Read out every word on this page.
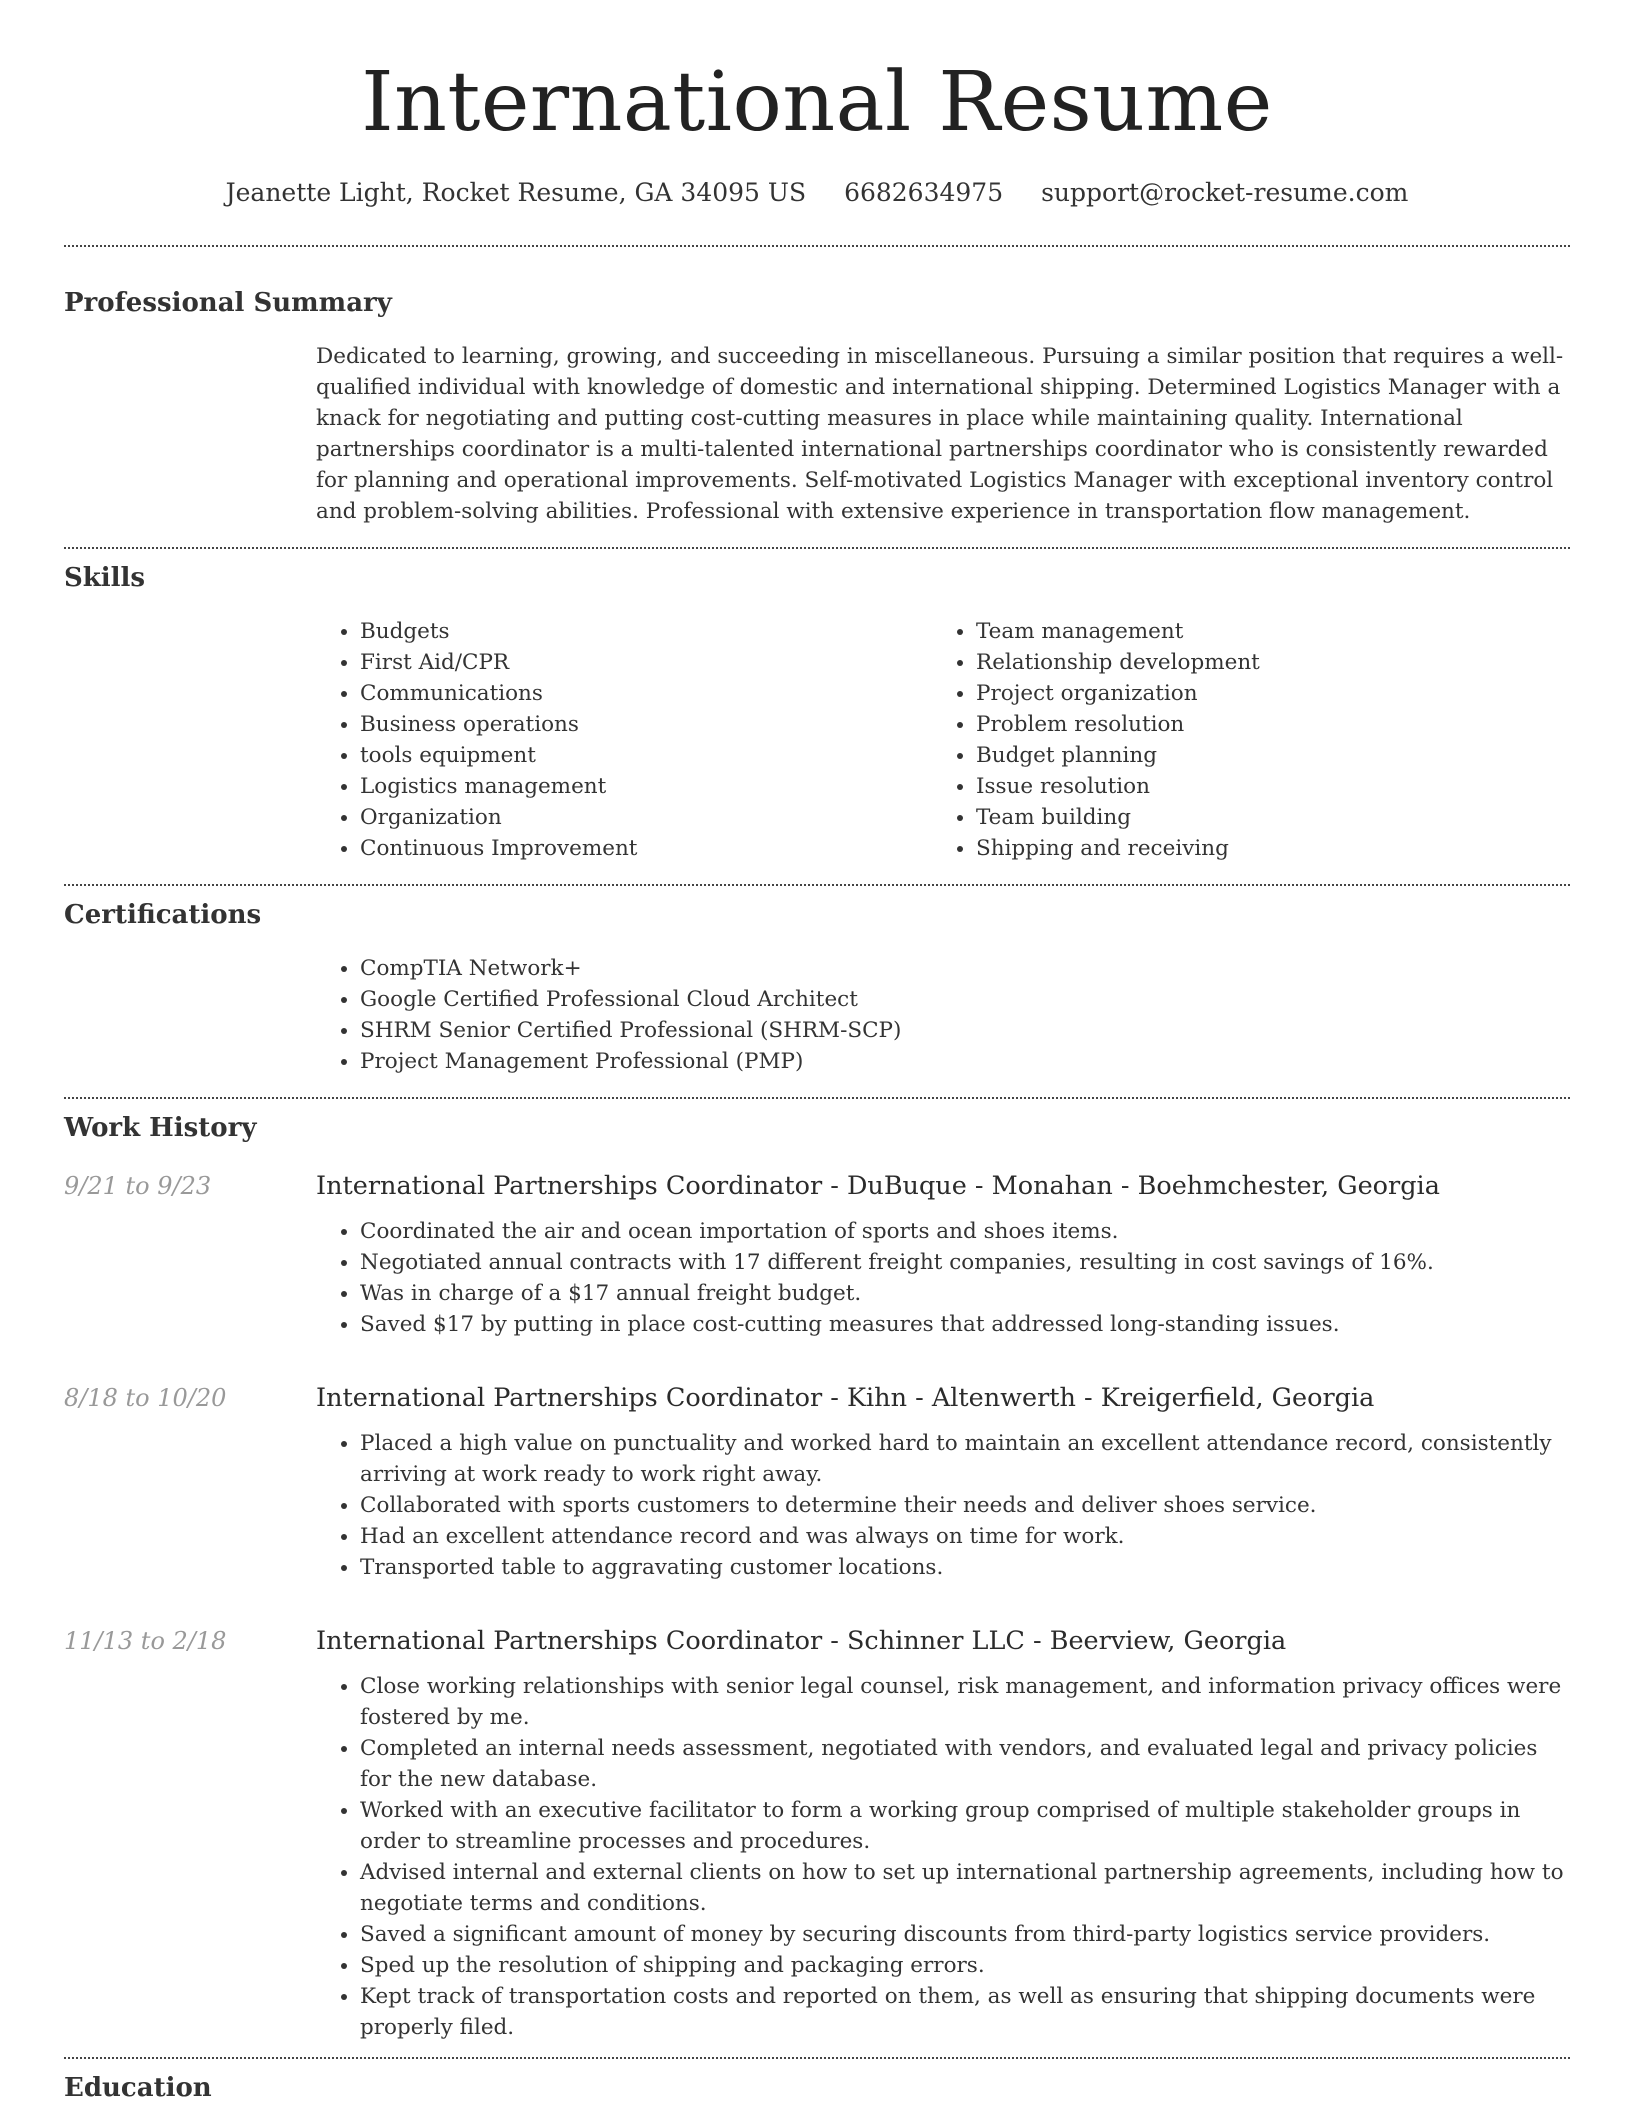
International Resume
Jeanette Light, Rocket Resume, GA 34095 US 6682634975 support@rocket-resume.com
Professional Summary

Dedicated to learning, growing, and succeeding in miscellaneous. Pursuing a similar position that requires a well-qualified individual with knowledge of domestic and international shipping. Determined Logistics Manager with a knack for negotiating and putting cost-cutting measures in place while maintaining quality. International partnerships coordinator is a multi-talented international partnerships coordinator who is consistently rewarded for planning and operational improvements. Self-motivated Logistics Manager with exceptional inventory control and problem-solving abilities. Professional with extensive experience in transportation flow management.

Skills
• Budgets
• First Aid/CPR
• Communications
• Business operations
• tools equipment
• Logistics management
• Organization
• Continuous Improvement
• Team management
• Relationship development
• Project organization
• Problem resolution
• Budget planning
• Issue resolution
• Team building
• Shipping and receiving
Certifications
• CompTIA Network+
• Google Certified Professional Cloud Architect
• SHRM Senior Certified Professional (SHRM-SCP)
• Project Management Professional (PMP)
Work History
9/21 to 9/23	International Partnerships Coordinator - DuBuque - Monahan - Boehmchester, Georgia
• Coordinated the air and ocean importation of sports and shoes items.
• Negotiated annual contracts with 17 different freight companies, resulting in cost savings of 16%.
• Was in charge of a $17 annual freight budget.
• Saved $17 by putting in place cost-cutting measures that addressed long-standing issues.
8/18 to 10/20	International Partnerships Coordinator - Kihn - Altenwerth - Kreigerfield, Georgia
• Placed a high value on punctuality and worked hard to maintain an excellent attendance record, consistently arriving at work ready to work right away.
• Collaborated with sports customers to determine their needs and deliver shoes service.
• Had an excellent attendance record and was always on time for work.
• Transported table to aggravating customer locations.
11/13 to 2/18	International Partnerships Coordinator - Schinner LLC - Beerview, Georgia
• Close working relationships with senior legal counsel, risk management, and information privacy offices were fostered by me.
• Completed an internal needs assessment, negotiated with vendors, and evaluated legal and privacy policies for the new database.
• Worked with an executive facilitator to form a working group comprised of multiple stakeholder groups in order to streamline processes and procedures.
• Advised internal and external clients on how to set up international partnership agreements, including how to negotiate terms and conditions.
• Saved a significant amount of money by securing discounts from third-party logistics service providers.
• Sped up the resolution of shipping and packaging errors.
• Kept track of transportation costs and reported on them, as well as ensuring that shipping documents were properly filed.
Education
